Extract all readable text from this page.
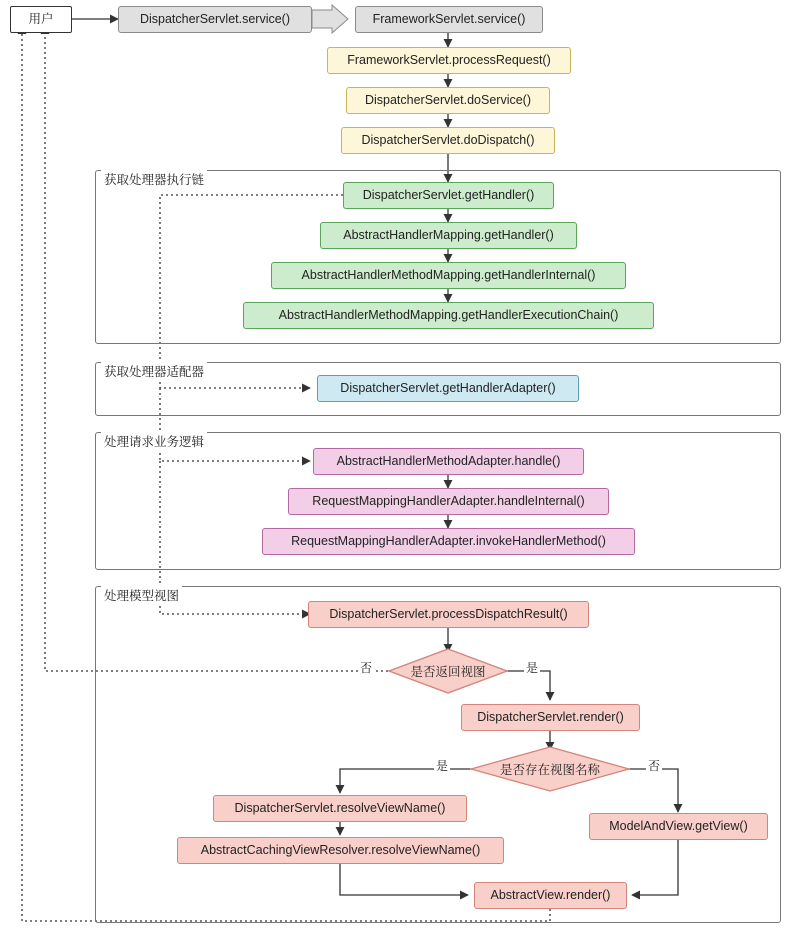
用户	DispatcherServlet.service()	FrameworkServlet.service()
FrameworkServlet.processRequest()
DispatcherServlet.doService()
DispatcherServlet.doDispatch()
获取处理器执行链
DispatcherServlet.getHandler()
AbstractHandlerMapping.getHandler()
AbstractHandlerMethodMapping.getHandlerInternal()
AbstractHandlerMethodMapping.getHandlerExecutionChain()
获取处理器适配器
DispatcherServlet.getHandlerAdapter()
处理请求业务逻辑
AbstractHandlerMethodAdapter.handle()
RequestMappingHandlerAdapter.handleInternal()
RequestMappingHandlerAdapter.invokeHandlerMethod()
处理模型视图
DispatcherServlet.processDispatchResult()
是否返回视图
否	是
DispatcherServlet.render()
是否存在视图名称
是	否
DispatcherServlet.resolveViewName()
AbstractCachingViewResolver.resolveViewName()
ModelAndView.getView()
AbstractView.render()
